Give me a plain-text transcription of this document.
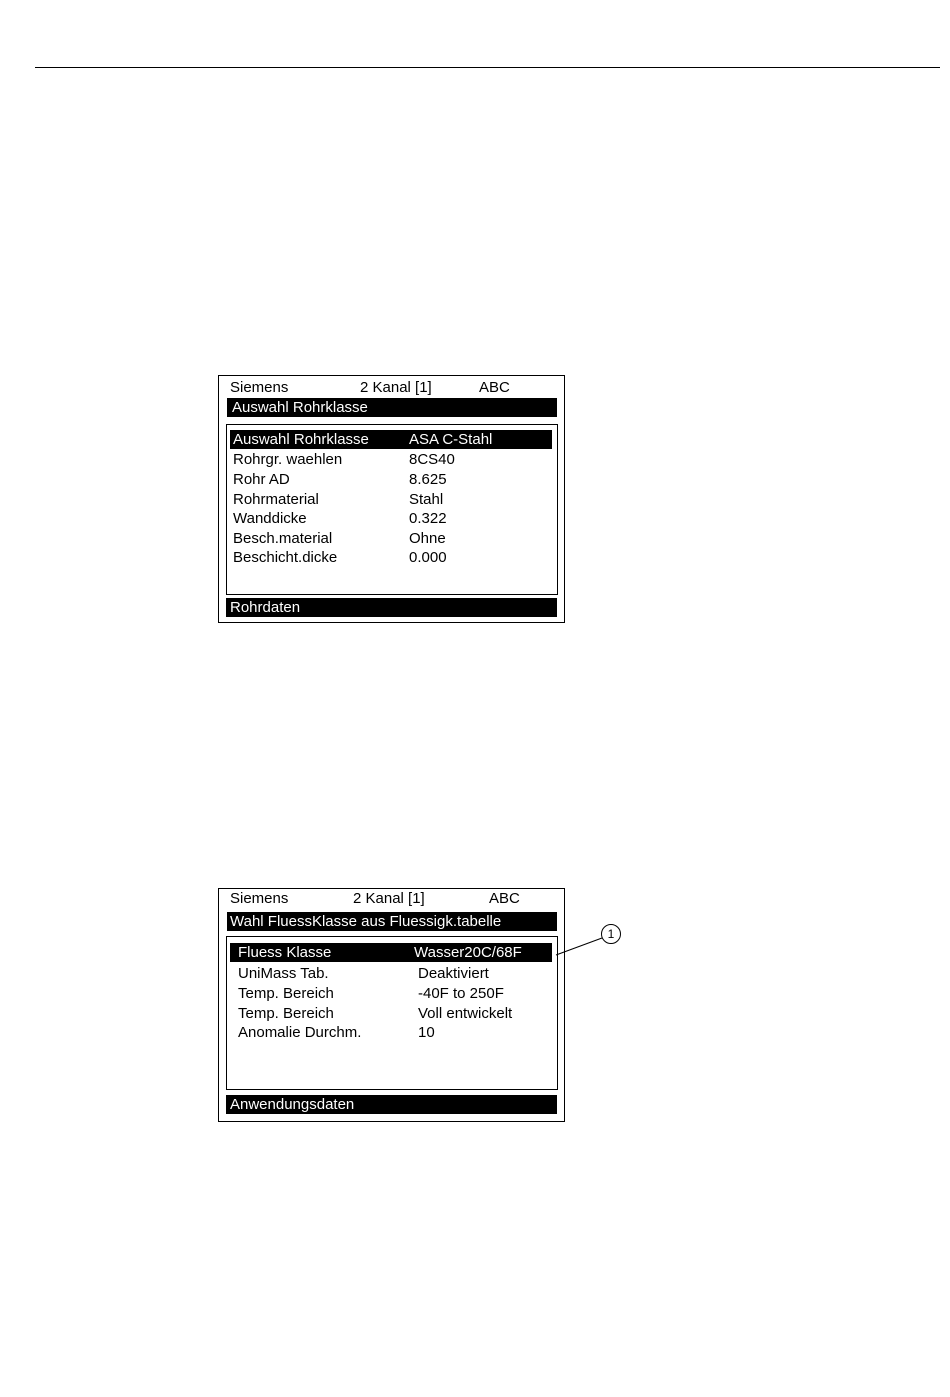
Siemens	2 Kanal [1]	ABC
Auswahl Rohrklasse
Auswahl Rohrklasse	ASA C-Stahl
Rohrgr. waehlen	8CS40
Rohr AD	8.625
Rohrmaterial	Stahl
Wanddicke	0.322
Besch.material	Ohne
Beschicht.dicke	0.000
Rohrdaten
Siemens	2 Kanal [1]	ABC
Wahl FluessKlasse aus Fluessigk.tabelle
Fluess Klasse	Wasser20C/68F
UniMass Tab.	Deaktiviert
Temp. Bereich	-40F to 250F
Temp. Bereich	Voll entwickelt
Anomalie Durchm.	10
Anwendungsdaten
1
